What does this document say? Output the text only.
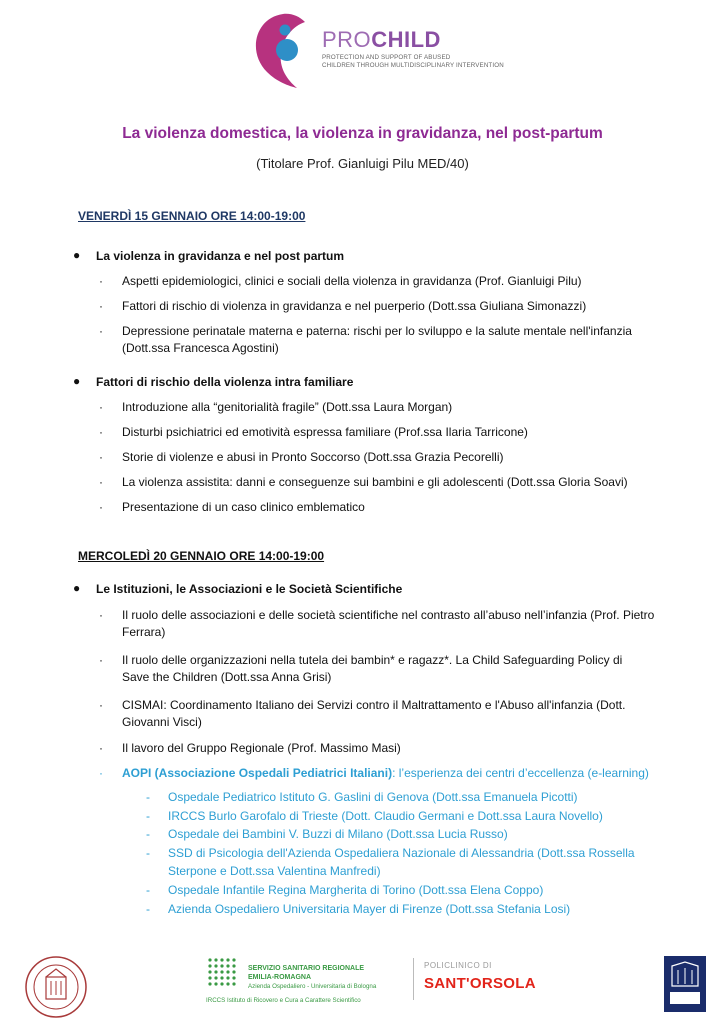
PROCHILD
PROTECTION AND SUPPORT OF ABUSED
CHILDREN THROUGH MULTIDISCIPLINARY INTERVENTION
La violenza domestica, la violenza in gravidanza, nel post-partum
(Titolare Prof. Gianluigi Pilu MED/40)
VENERDÌ 15 GENNAIO ORE 14:00-19:00
● La violenza in gravidanza e nel post partum
· Aspetti epidemiologici, clinici e sociali della violenza in gravidanza (Prof. Gianluigi Pilu)
· Fattori di rischio di violenza in gravidanza e nel puerperio (Dott.ssa Giuliana Simonazzi)
· Depressione perinatale materna e paterna: rischi per lo sviluppo e la salute mentale nell'infanzia
(Dott.ssa Francesca Agostini)
● Fattori di rischio della violenza intra familiare
· Introduzione alla “genitorialità fragile” (Dott.ssa Laura Morgan)
· Disturbi psichiatrici ed emotività espressa familiare (Prof.ssa Ilaria Tarricone)
· Storie di violenze e abusi in Pronto Soccorso (Dott.ssa Grazia Pecorelli)
· La violenza assistita: danni e conseguenze sui bambini e gli adolescenti (Dott.ssa Gloria Soavi)
· Presentazione di un caso clinico emblematico
MERCOLEDÌ 20 GENNAIO ORE 14:00-19:00
● Le Istituzioni, le Associazioni e le Società Scientifiche
· Il ruolo delle associazioni e delle società scientifiche nel contrasto all’abuso nell’infanzia (Prof. Pietro
Ferrara)
· Il ruolo delle organizzazioni nella tutela dei bambin* e ragazz*. La Child Safeguarding Policy di
Save the Children (Dott.ssa Anna Grisi)
· CISMAI: Coordinamento Italiano dei Servizi contro il Maltrattamento e l'Abuso all'infanzia (Dott.
Giovanni Visci)
· Il lavoro del Gruppo Regionale (Prof. Massimo Masi)
· AOPI (Associazione Ospedali Pediatrici Italiani): l’esperienza dei centri d’eccellenza (e-learning)
- Ospedale Pediatrico Istituto G. Gaslini di Genova (Dott.ssa Emanuela Picotti)
- IRCCS Burlo Garofalo di Trieste (Dott. Claudio Germani e Dott.ssa Laura Novello)
- Ospedale dei Bambini V. Buzzi di Milano (Dott.ssa Lucia Russo)
- SSD di Psicologia dell'Azienda Ospedaliera Nazionale di Alessandria (Dott.ssa Rossella
Sterpone e Dott.ssa Valentina Manfredi)
- Ospedale Infantile Regina Margherita di Torino (Dott.ssa Elena Coppo)
- Azienda Ospedaliero Universitaria Mayer di Firenze (Dott.ssa Stefania Losi)
SERVIZIO SANITARIO REGIONALE
EMILIA-ROMAGNA
Azienda Ospedaliero - Universitaria di Bologna
IRCCS Istituto di Ricovero e Cura a Carattere Scientifico
POLICLINICO DI
SANT'ORSOLA
